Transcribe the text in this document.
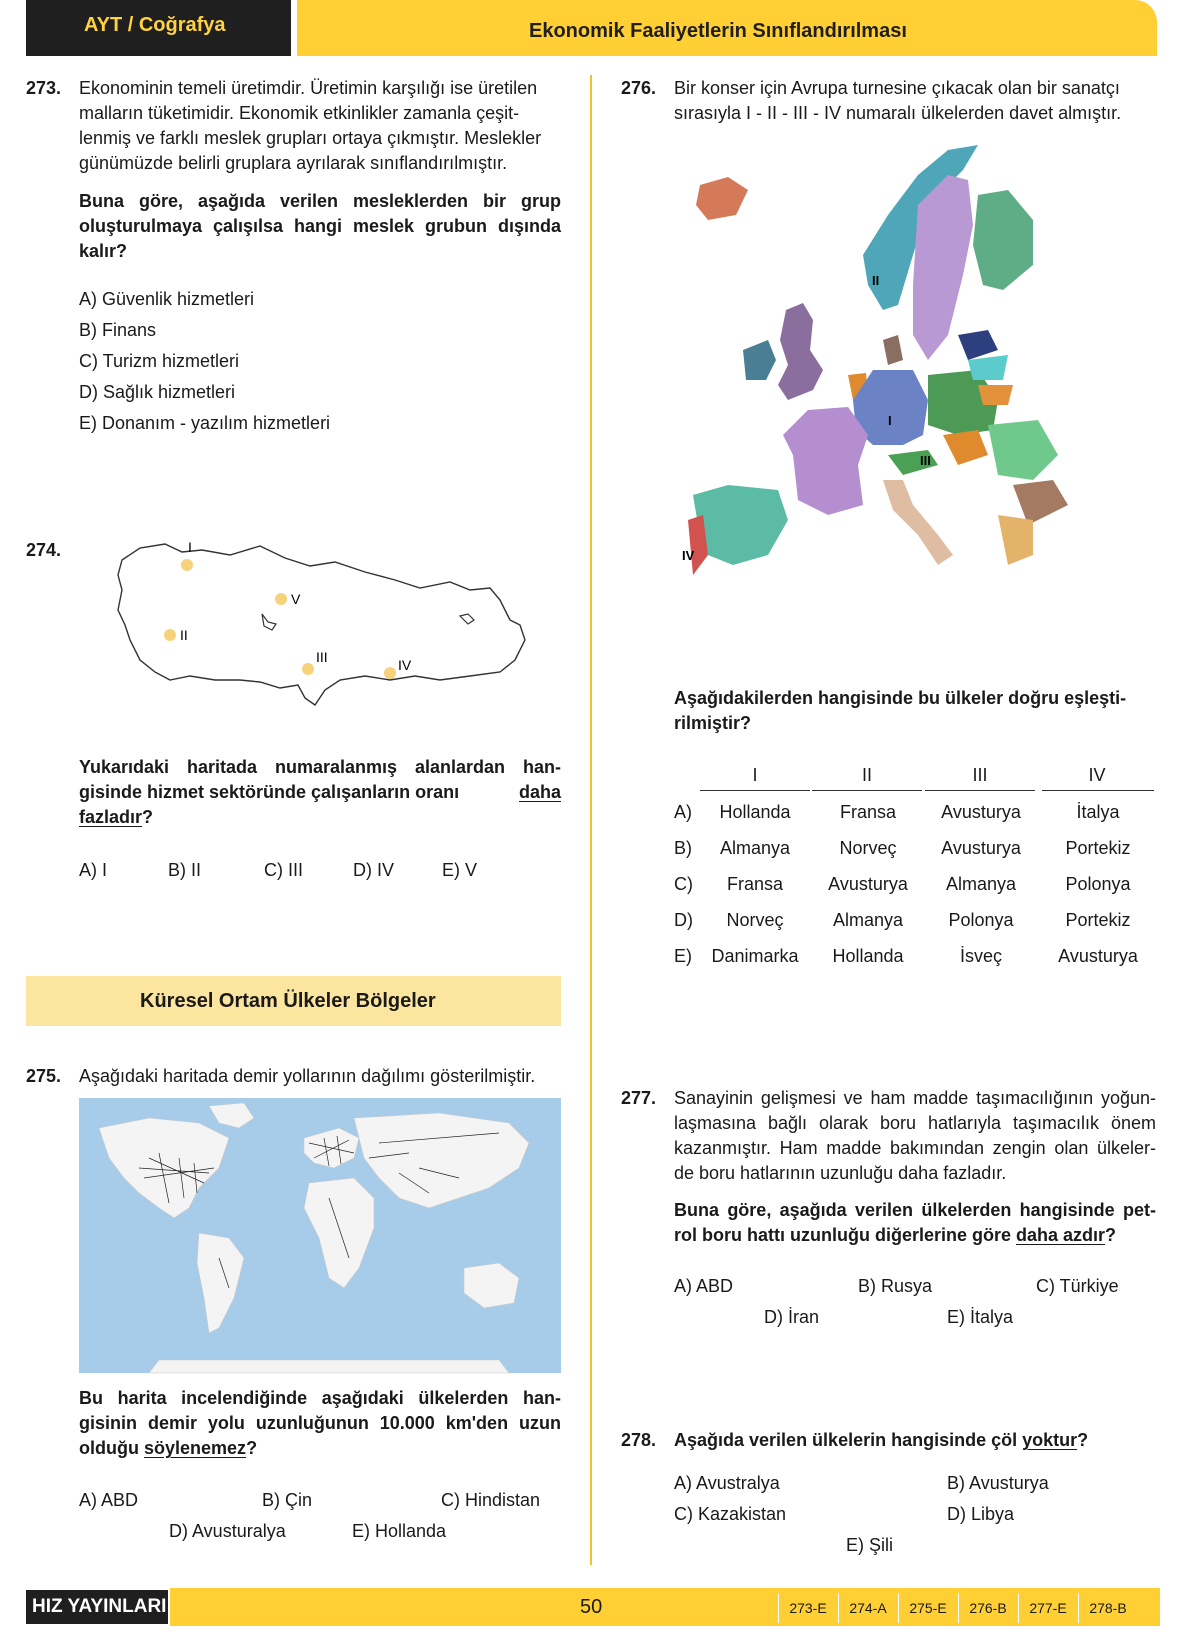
AYT / Coğrafya	Ekonomik Faaliyetlerin Sınıflandırılması
273. Ekonominin temeli üretimdir. Üretimin karşılığı ise üretilen
malların tüketimidir. Ekonomik etkinlikler zamanla çeşit-
lenmiş ve farklı meslek grupları ortaya çıkmıştır. Meslekler
günümüzde belirli gruplara ayrılarak sınıflandırılmıştır.
Buna göre, aşağıda verilen mesleklerden bir grup
oluşturulmaya çalışılsa hangi meslek grubun dışında
kalır?
A) Güvenlik hizmetleri
B) Finans
C) Turizm hizmetleri
D) Sağlık hizmetleri
E) Donanım - yazılım hizmetleri
274.	I
II
III	IV
V
Yukarıdaki haritada numaralanmış alanlardan han-
gisinde hizmet sektöründe çalışanların oranı	daha
fazladır?
A) I	B) II	C) III	D) IV	E) V
Küresel Ortam Ülkeler Bölgeler
275. Aşağıdaki haritada demir yollarının dağılımı gösterilmiştir.
Bu harita incelendiğinde aşağıdaki ülkelerden han-
gisinin demir yolu uzunluğunun 10.000 km'den uzun
olduğu söylenemez?
A) ABD	B) Çin	C) Hindistan
D) Avusturalya	E) Hollanda
276. Bir konser için Avrupa turnesine çıkacak olan bir sanatçı
sırasıyla I - II - III - IV numaralı ülkelerden davet almıştır.
I
II
III
IV
Aşağıdakilerden hangisinde bu ülkeler doğru eşleşti-
rilmiştir?
I	II	III	IV
A)	Hollanda	Fransa	Avusturya	İtalya
B)	Almanya	Norveç	Avusturya	Portekiz
C)	Fransa	Avusturya	Almanya	Polonya
D)	Norveç	Almanya	Polonya	Portekiz
E)	Danimarka	Hollanda	İsveç	Avusturya
277. Sanayinin gelişmesi ve ham madde taşımacılığının yoğun-
laşmasına bağlı olarak boru hatlarıyla taşımacılık önem
kazanmıştır. Ham madde bakımından zengin olan ülkeler-
de boru hatlarının uzunluğu daha fazladır.
Buna göre, aşağıda verilen ülkelerden hangisinde pet-
rol boru hattı uzunluğu diğerlerine göre daha azdır?
A) ABD	B) Rusya	C) Türkiye
D) İran	E) İtalya
278. Aşağıda verilen ülkelerin hangisinde çöl yoktur?
A) Avustralya	B) Avusturya
C) Kazakistan	D) Libya
E) Şili
HIZ YAYINLARI	50	273-E	274-A	275-E	276-B	277-E	278-B
